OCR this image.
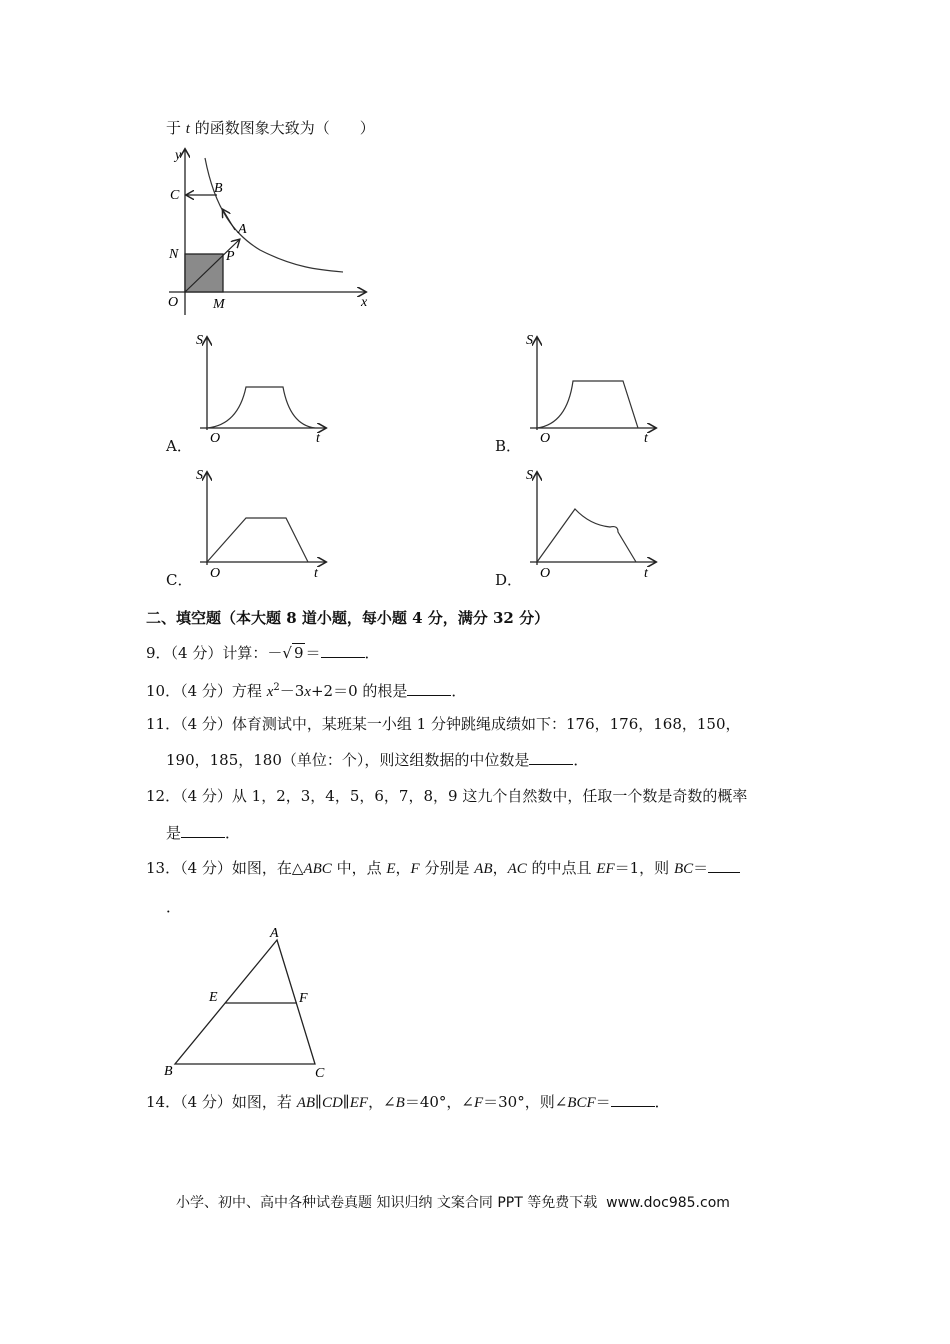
于 t 的函数图象大致为（　　）
y
x
C B
A
N	P
O M
A．
S
t
O	B．
S
t
O
C．
S
t
O	D．
S
t
O
二、填空题（本大题 8 道小题，每小题 4 分，满分 32 分）
9．（4 分）计算：－√ 9 ＝	．
10．（4 分）方程 $x^2-3x+2=0$ 的根是	．
11．（4 分）体育测试中，某班某一小组 1 分钟跳绳成绩如下：176，176，168，150，
190，185，180（单位：个），则这组数据的中位数是	．
12．（4 分）从 1，2，3，4，5，6，7，8，9 这九个自然数中，任取一个数是奇数的概率
是	．
13．（4 分）如图，在△ABC 中，点 E，F 分别是 AB，AC 的中点且 EF＝1，则 BC＝
．
A
B	C
E	F
14．（4 分）如图，若 AB∥CD∥EF，∠B＝40°，∠F＝30°，则∠BCF＝	．
小学、初中、高中各种试卷真题 知识归纳 文案合同 PPT 等免费下载 www.doc985.com
